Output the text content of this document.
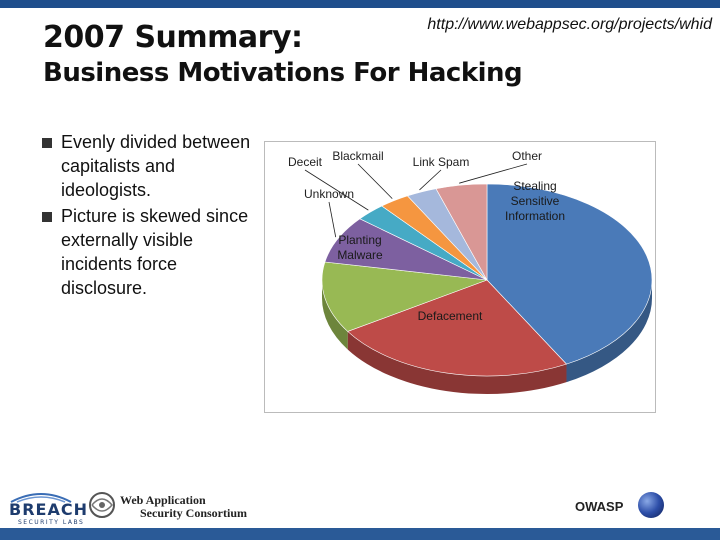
2007 Summary:	http://www.webappsec.org/projects/whid
Business Motivations For Hacking
Evenly divided between capitalists and ideologists.
Picture is skewed since externally visible incidents force disclosure.
Stealing
Sensitive
Information
Defacement
Planting
Malware
Unknown
Deceit Blackmail Link Spam	Other
BREACH
SECURITY LABS
Web Application
Security Consortium	OWASP
